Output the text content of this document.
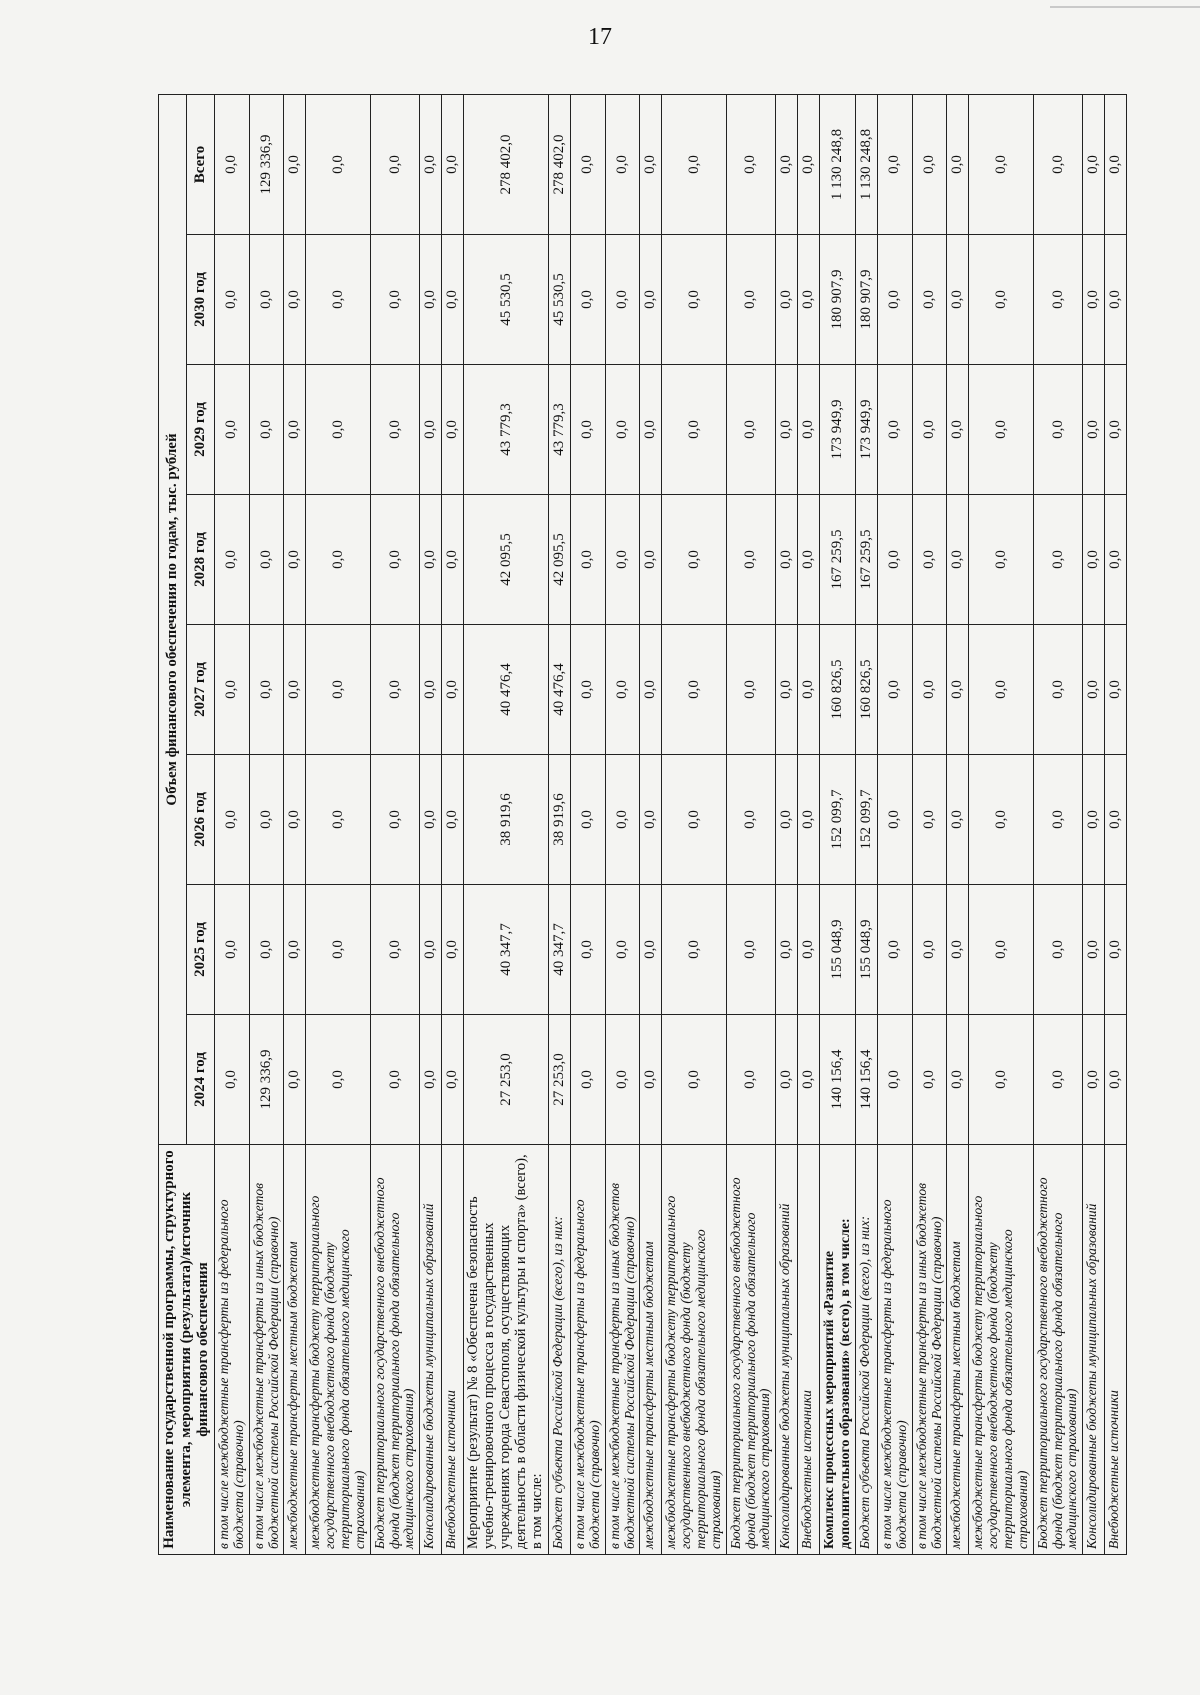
17
Наименование государственной программы, структурного элемента, мероприятия (результата)/источник финансового обеспечения	Объем финансового обеспечения по годам, тыс. рублей							
	2024 год	2025 год	2026 год	2027 год	2028 год	2029 год	2030 год	Всего
в том числе межбюджетные трансферты из федерального бюджета (справочно)	0,0	0,0	0,0	0,0	0,0	0,0	0,0	0,0
в том числе межбюджетные трансферты из иных бюджетов бюджетной системы Российской Федерации (справочно)	129 336,9	0,0	0,0	0,0	0,0	0,0	0,0	129 336,9
межбюджетные трансферты местным бюджетам	0,0	0,0	0,0	0,0	0,0	0,0	0,0	0,0
межбюджетные трансферты бюджету территориального государственного внебюджетного фонда (бюджету территориального фонда обязательного медицинского страхования)	0,0	0,0	0,0	0,0	0,0	0,0	0,0	0,0
Бюджет территориального государственного внебюджетного фонда (бюджет территориального фонда обязательного медицинского страхования)	0,0	0,0	0,0	0,0	0,0	0,0	0,0	0,0
Консолидированные бюджеты муниципальных образований	0,0	0,0	0,0	0,0	0,0	0,0	0,0	0,0
Внебюджетные источники	0,0	0,0	0,0	0,0	0,0	0,0	0,0	0,0
Мероприятие (результат) № 8 «Обеспечена безопасность учебно-тренировочного процесса в государственных учреждениях города Севастополя, осуществляющих деятельность в области физической культуры и спорта» (всего), в том числе:	27 253,0	40 347,7	38 919,6	40 476,4	42 095,5	43 779,3	45 530,5	278 402,0
Бюджет субъекта Российской Федерации (всего), из них:	27 253,0	40 347,7	38 919,6	40 476,4	42 095,5	43 779,3	45 530,5	278 402,0
в том числе межбюджетные трансферты из федерального бюджета (справочно)	0,0	0,0	0,0	0,0	0,0	0,0	0,0	0,0
в том числе межбюджетные трансферты из иных бюджетов бюджетной системы Российской Федерации (справочно)	0,0	0,0	0,0	0,0	0,0	0,0	0,0	0,0
межбюджетные трансферты местным бюджетам	0,0	0,0	0,0	0,0	0,0	0,0	0,0	0,0
межбюджетные трансферты бюджету территориального государственного внебюджетного фонда (бюджету территориального фонда обязательного медицинского страхования)	0,0	0,0	0,0	0,0	0,0	0,0	0,0	0,0
Бюджет территориального государственного внебюджетного фонда (бюджет территориального фонда обязательного медицинского страхования)	0,0	0,0	0,0	0,0	0,0	0,0	0,0	0,0
Консолидированные бюджеты муниципальных образований	0,0	0,0	0,0	0,0	0,0	0,0	0,0	0,0
Внебюджетные источники	0,0	0,0	0,0	0,0	0,0	0,0	0,0	0,0
Комплекс процессных мероприятий «Развитие дополнительного образования» (всего), в том числе:	140 156,4	155 048,9	152 099,7	160 826,5	167 259,5	173 949,9	180 907,9	1 130 248,8
Бюджет субъекта Российской Федерации (всего), из них:	140 156,4	155 048,9	152 099,7	160 826,5	167 259,5	173 949,9	180 907,9	1 130 248,8
в том числе межбюджетные трансферты из федерального бюджета (справочно)	0,0	0,0	0,0	0,0	0,0	0,0	0,0	0,0
в том числе межбюджетные трансферты из иных бюджетов бюджетной системы Российской Федерации (справочно)	0,0	0,0	0,0	0,0	0,0	0,0	0,0	0,0
межбюджетные трансферты местным бюджетам	0,0	0,0	0,0	0,0	0,0	0,0	0,0	0,0
межбюджетные трансферты бюджету территориального государственного внебюджетного фонда (бюджету территориального фонда обязательного медицинского страхования)	0,0	0,0	0,0	0,0	0,0	0,0	0,0	0,0
Бюджет территориального государственного внебюджетного фонда (бюджет территориального фонда обязательного медицинского страхования)	0,0	0,0	0,0	0,0	0,0	0,0	0,0	0,0
Консолидированные бюджеты муниципальных образований	0,0	0,0	0,0	0,0	0,0	0,0	0,0	0,0
Внебюджетные источники	0,0	0,0	0,0	0,0	0,0	0,0	0,0	0,0
